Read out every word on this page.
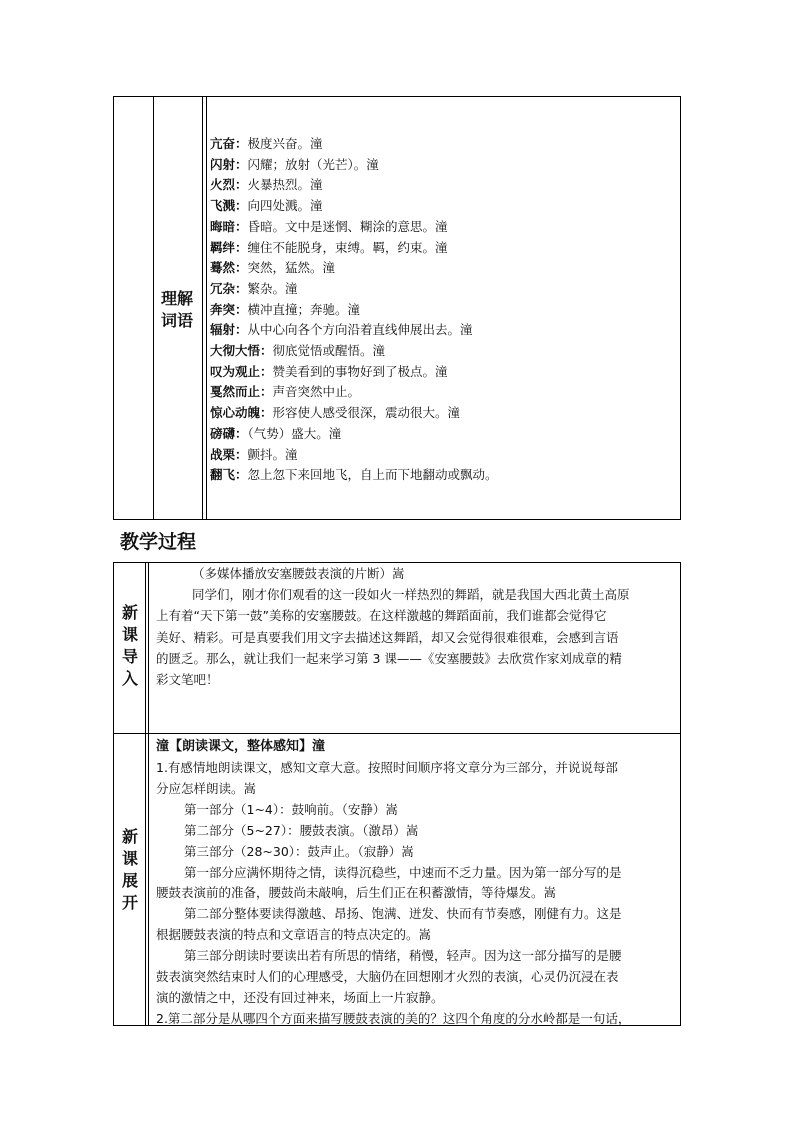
理解
词语
亢奋：极度兴奋。潼
闪射：闪耀；放射（光芒）。潼
火烈：火暴热烈。潼
飞溅：向四处溅。潼
晦暗：昏暗。文中是迷惘、糊涂的意思。潼
羁绊：缠住不能脱身，束缚。羁，约束。潼
蓦然：突然，猛然。潼
冗杂：繁杂。潼
奔突：横冲直撞；奔驰。潼
辐射：从中心向各个方向沿着直线伸展出去。潼
大彻大悟：彻底觉悟或醒悟。潼
叹为观止：赞美看到的事物好到了极点。潼
戛然而止：声音突然中止。
惊心动魄：形容使人感受很深，震动很大。潼
磅礴：（气势）盛大。潼
战栗：颤抖。潼
翻飞：忽上忽下来回地飞，自上而下地翻动或飘动。
教学过程
新
课
导
入
新
课
展
开
（多媒体播放安塞腰鼓表演的片断）嵩
同学们，刚才你们观看的这一段如火一样热烈的舞蹈，就是我国大西北黄土高原
上有着“天下第一鼓”美称的安塞腰鼓。在这样激越的舞蹈面前，我们谁都会觉得它
美好、精彩。可是真要我们用文字去描述这舞蹈，却又会觉得很难很难，会感到言语
的匮乏。那么，就让我们一起来学习第 3 课——《安塞腰鼓》去欣赏作家刘成章的精
彩文笔吧！
潼【朗读课文，整体感知】潼
1.有感情地朗读课文，感知文章大意。按照时间顺序将文章分为三部分，并说说每部
分应怎样朗读。嵩
第一部分（1~4）：鼓响前。（安静）嵩
第二部分（5~27）：腰鼓表演。（激昂）嵩
第三部分（28~30）：鼓声止。（寂静）嵩
第一部分应满怀期待之情，读得沉稳些，中速而不乏力量。因为第一部分写的是
腰鼓表演前的准备，腰鼓尚未敲响，后生们正在积蓄激情，等待爆发。嵩
第二部分整体要读得激越、昂扬、饱满、迸发、快而有节奏感，刚健有力。这是
根据腰鼓表演的特点和文章语言的特点决定的。嵩
第三部分朗读时要读出若有所思的情绪，稍慢，轻声。因为这一部分描写的是腰
鼓表演突然结束时人们的心理感受，大脑仍在回想刚才火烈的表演，心灵仍沉浸在表
演的激情之中，还没有回过神来，场面上一片寂静。
2.第二部分是从哪四个方面来描写腰鼓表演的美的？这四个角度的分水岭都是一句话，
